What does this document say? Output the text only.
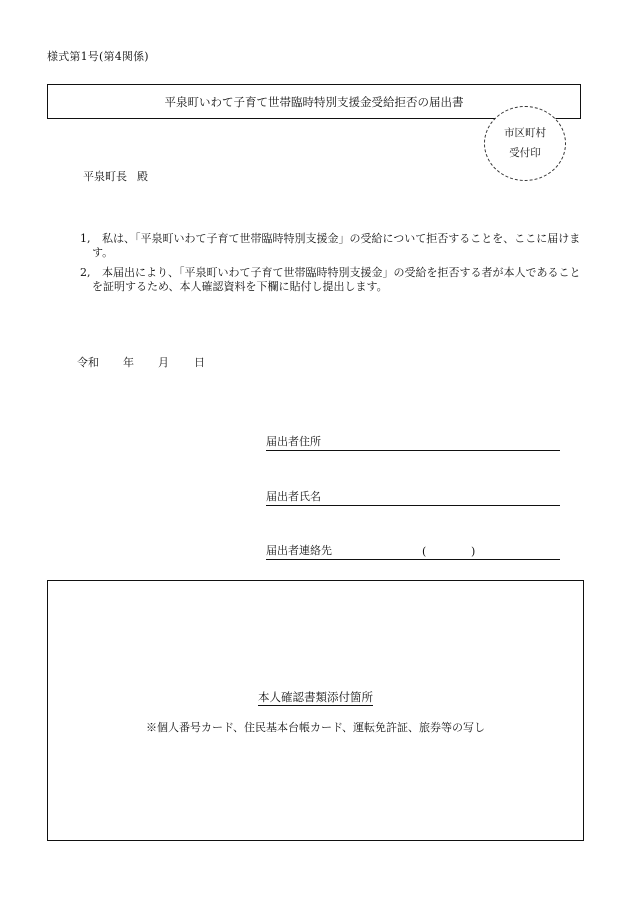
様式第1号(第4関係)
平泉町いわて子育て世帯臨時特別支援金受給拒否の届出書
市区町村
受付印
平泉町長 殿
1,	私は、「平泉町いわて子育て世帯臨時特別支援金」の受給について拒否することを、ここに届けます。
2,	本届出により、「平泉町いわて子育て世帯臨時特別支援金」の受給を拒否する者が本人であることを証明するため、本人確認資料を下欄に貼付し提出します。
令和	年	月	日
届出者住所
届出者氏名
届出者連絡先	(	)
本人確認書類添付箇所
※個人番号カード、住民基本台帳カード、運転免許証、旅券等の写し
